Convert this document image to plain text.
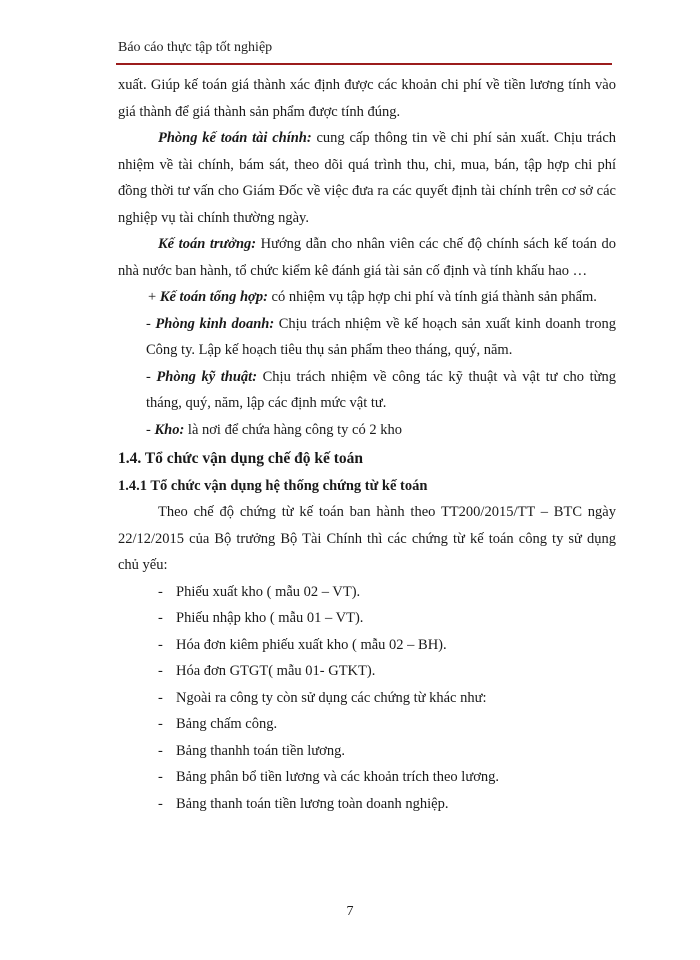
Báo cáo thực tập tốt nghiệp

xuất. Giúp kế toán giá thành xác định được các khoản chi phí về tiền lương tính vào giá thành để giá thành sản phẩm được tính đúng.

Phòng kế toán tài chính: cung cấp thông tin về chi phí sản xuất. Chịu trách nhiệm về tài chính, bám sát, theo dõi quá trình thu, chi, mua, bán, tập hợp chi phí đồng thời tư vấn cho Giám Đốc về việc đưa ra các quyết định tài chính trên cơ sở các nghiệp vụ tài chính thường ngày.

Kế toán trưởng: Hướng dẫn cho nhân viên các chế độ chính sách kế toán do nhà nước ban hành, tổ chức kiểm kê đánh giá tài sản cố định và tính khấu hao …

+ Kế toán tổng hợp: có nhiệm vụ tập hợp chi phí và tính giá thành sản phẩm.

- Phòng kinh doanh: Chịu trách nhiệm về kế hoạch sản xuất kinh doanh trong Công ty. Lập kế hoạch tiêu thụ sản phẩm theo tháng, quý, năm.

- Phòng kỹ thuật: Chịu trách nhiệm về công tác kỹ thuật và vật tư cho từng tháng, quý, năm, lập các định mức vật tư.

- Kho: là nơi để chứa hàng công ty có 2 kho

1.4. Tổ chức vận dụng chế độ kế toán
1.4.1 Tổ chức vận dụng hệ thống chứng từ kế toán

Theo chế độ chứng từ kế toán ban hành theo TT200/2015/TT – BTC ngày 22/12/2015 của Bộ trưởng Bộ Tài Chính thì các chứng từ kế toán công ty sử dụng chủ yếu:

- Phiếu xuất kho ( mẫu 02 – VT).
- Phiếu nhập kho ( mẫu 01 – VT).
- Hóa đơn kiêm phiếu xuất kho ( mẫu 02 – BH).
- Hóa đơn GTGT( mẫu 01- GTKT).
- Ngoài ra công ty còn sử dụng các chứng từ khác như:
- Bảng chấm công.
- Bảng thanhh toán tiền lương.
- Bảng phân bổ tiền lương và các khoản trích theo lương.
- Bảng thanh toán tiền lương toàn doanh nghiệp.
7
